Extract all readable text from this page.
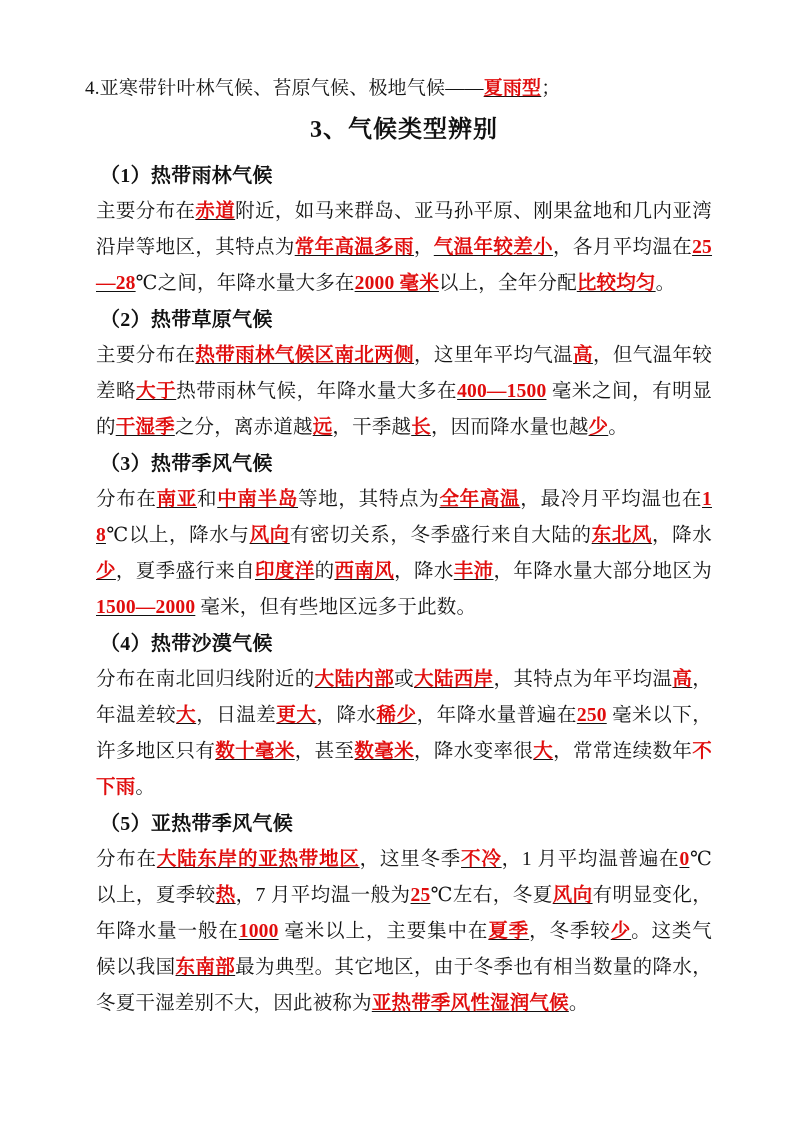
4.亚寒带针叶林气候、苔原气候、极地气候——夏雨型；

3、气候类型辨别
（1）热带雨林气候

主要分布在赤道附近，如马来群岛、亚马孙平原、刚果盆地和几内亚湾沿岸等地区，其特点为常年高温多雨，气温年较差小，各月平均温在25—28℃之间，年降水量大多在2000 毫米以上，全年分配比较均匀。

（2）热带草原气候

主要分布在热带雨林气候区南北两侧，这里年平均气温高，但气温年较差略大于热带雨林气候，年降水量大多在400—1500 毫米之间，有明显的干湿季之分，离赤道越远，干季越长，因而降水量也越少。

（3）热带季风气候

分布在南亚和中南半岛等地，其特点为全年高温，最冷月平均温也在18℃以上，降水与风向有密切关系，冬季盛行来自大陆的东北风，降水少，夏季盛行来自印度洋的西南风，降水丰沛，年降水量大部分地区为1500—2000 毫米，但有些地区远多于此数。

（4）热带沙漠气候

分布在南北回归线附近的大陆内部或大陆西岸，其特点为年平均温高，年温差较大，日温差更大，降水稀少，年降水量普遍在250 毫米以下，许多地区只有数十毫米，甚至数毫米，降水变率很大，常常连续数年不下雨。

（5）亚热带季风气候

分布在大陆东岸的亚热带地区，这里冬季不冷，1 月平均温普遍在0℃以上，夏季较热，7 月平均温一般为25℃左右，冬夏风向有明显变化，年降水量一般在1000 毫米以上，主要集中在夏季，冬季较少。这类气候以我国东南部最为典型。其它地区，由于冬季也有相当数量的降水，冬夏干湿差别不大，因此被称为亚热带季风性湿润气候。
